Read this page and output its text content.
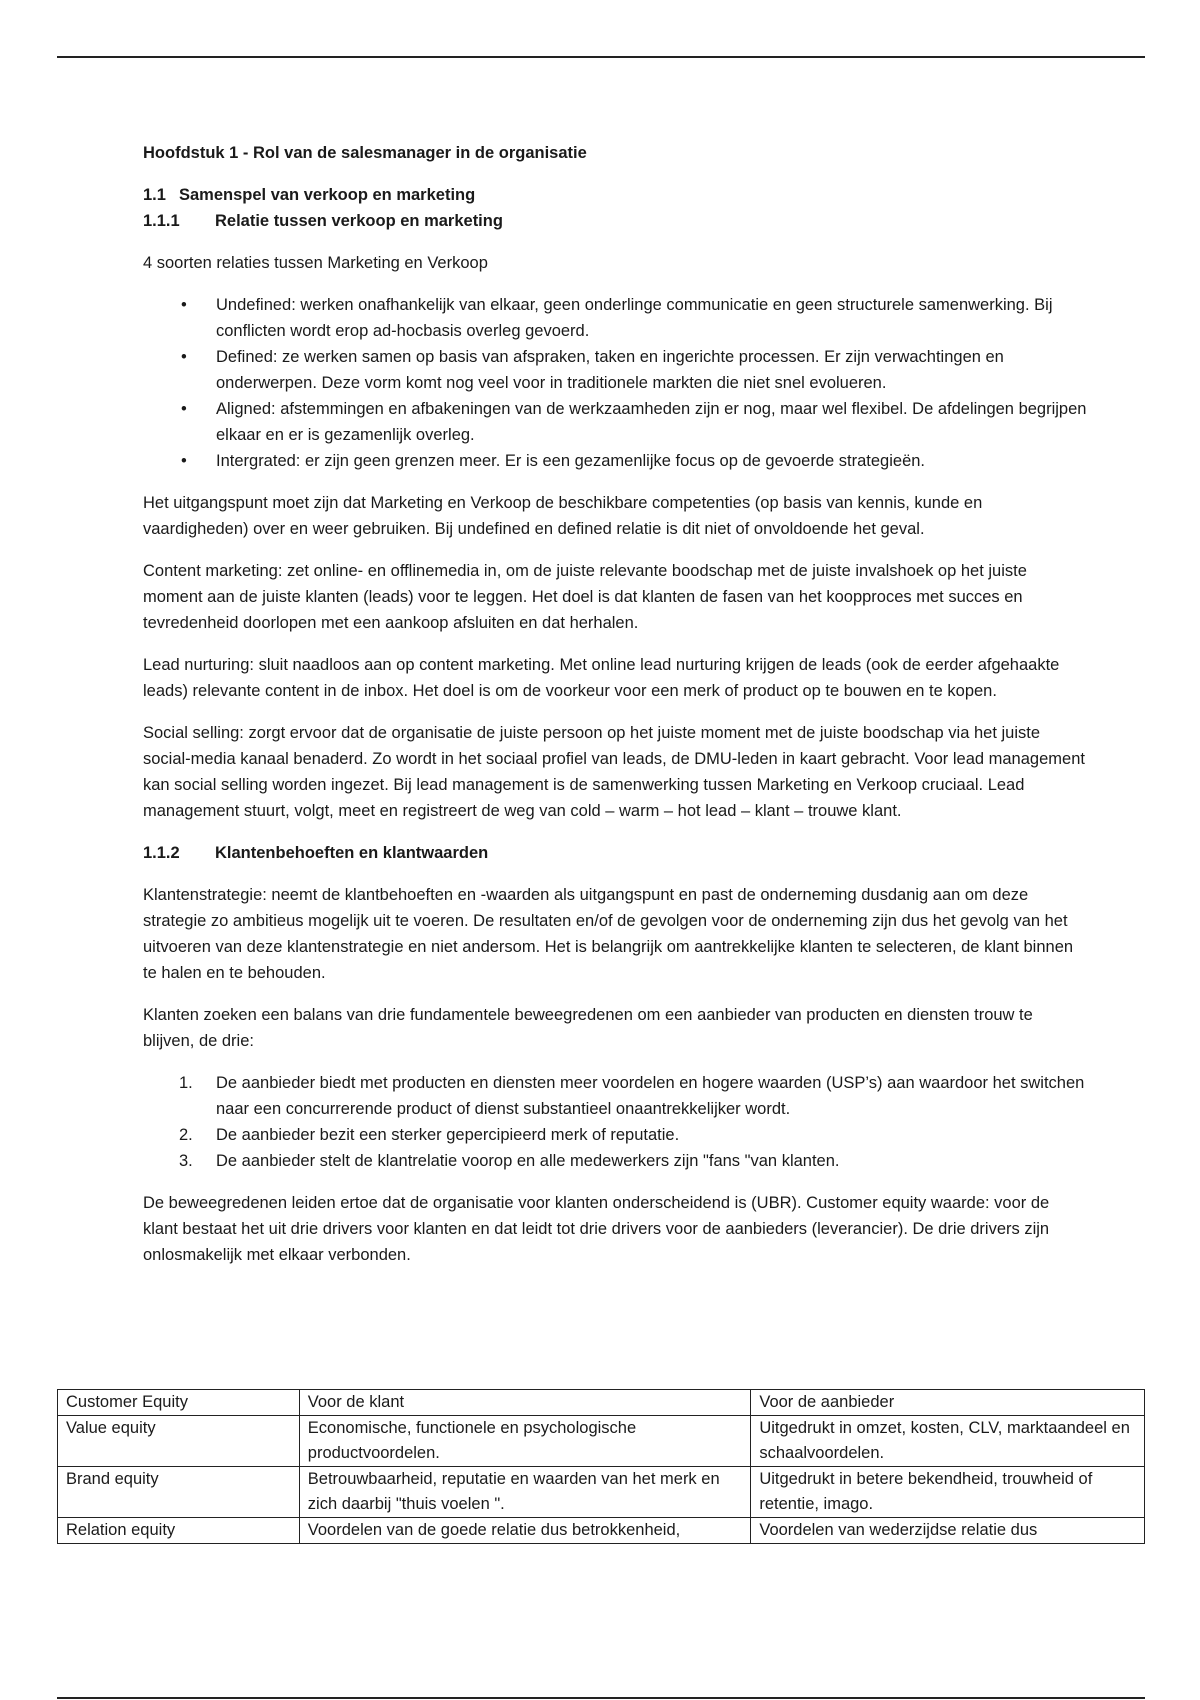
Hoofdstuk 1 - Rol van de salesmanager in de organisatie
1.1 Samenspel van verkoop en marketing
1.1.1	Relatie tussen verkoop en marketing

4 soorten relaties tussen Marketing en Verkoop

•	Undefined: werken onafhankelijk van elkaar, geen onderlinge communicatie en geen structurele samenwerking. Bij conflicten wordt erop ad-hocbasis overleg gevoerd.
•	Defined: ze werken samen op basis van afspraken, taken en ingerichte processen. Er zijn verwachtingen en onderwerpen. Deze vorm komt nog veel voor in traditionele markten die niet snel evolueren.
•	Aligned: afstemmingen en afbakeningen van de werkzaamheden zijn er nog, maar wel flexibel. De afdelingen begrijpen elkaar en er is gezamenlijk overleg.
•	Intergrated: er zijn geen grenzen meer. Er is een gezamenlijke focus op de gevoerde strategieën.

Het uitgangspunt moet zijn dat Marketing en Verkoop de beschikbare competenties (op basis van kennis, kunde en vaardigheden) over en weer gebruiken. Bij undefined en defined relatie is dit niet of onvoldoende het geval.

Content marketing: zet online- en offlinemedia in, om de juiste relevante boodschap met de juiste invalshoek op het juiste moment aan de juiste klanten (leads) voor te leggen. Het doel is dat klanten de fasen van het koopproces met succes en tevredenheid doorlopen met een aankoop afsluiten en dat herhalen.

Lead nurturing: sluit naadloos aan op content marketing. Met online lead nurturing krijgen de leads (ook de eerder afgehaakte leads) relevante content in de inbox. Het doel is om de voorkeur voor een merk of product op te bouwen en te kopen.

Social selling: zorgt ervoor dat de organisatie de juiste persoon op het juiste moment met de juiste boodschap via het juiste social-media kanaal benaderd. Zo wordt in het sociaal profiel van leads, de DMU-leden in kaart gebracht. Voor lead management kan social selling worden ingezet. Bij lead management is de samenwerking tussen Marketing en Verkoop cruciaal. Lead management stuurt, volgt, meet en registreert de weg van cold – warm – hot lead – klant – trouwe klant.

1.1.2	Klantenbehoeften en klantwaarden

Klantenstrategie: neemt de klantbehoeften en -waarden als uitgangspunt en past de onderneming dusdanig aan om deze strategie zo ambitieus mogelijk uit te voeren. De resultaten en/of de gevolgen voor de onderneming zijn dus het gevolg van het uitvoeren van deze klantenstrategie en niet andersom. Het is belangrijk om aantrekkelijke klanten te selecteren, de klant binnen te halen en te behouden.

Klanten zoeken een balans van drie fundamentele beweegredenen om een aanbieder van producten en diensten trouw te blijven, de drie:

1.	De aanbieder biedt met producten en diensten meer voordelen en hogere waarden (USP’s) aan waardoor het switchen naar een concurrerende product of dienst substantieel onaantrekkelijker wordt.
2.	De aanbieder bezit een sterker gepercipieerd merk of reputatie.
3.	De aanbieder stelt de klantrelatie voorop en alle medewerkers zijn "fans "van klanten.

De beweegredenen leiden ertoe dat de organisatie voor klanten onderscheidend is (UBR). Customer equity waarde: voor de klant bestaat het uit drie drivers voor klanten en dat leidt tot drie drivers voor de aanbieders (leverancier). De drie drivers zijn onlosmakelijk met elkaar verbonden.

Customer Equity	Voor de klant	Voor de aanbieder
Value equity	Economische, functionele en psychologische productvoordelen.	Uitgedrukt in omzet, kosten, CLV, marktaandeel en schaalvoordelen.
Brand equity	Betrouwbaarheid, reputatie en waarden van het merk en zich daarbij "thuis voelen ".	Uitgedrukt in betere bekendheid, trouwheid of retentie, imago.
Relation equity	Voordelen van de goede relatie dus betrokkenheid,	Voordelen van wederzijdse relatie dus
